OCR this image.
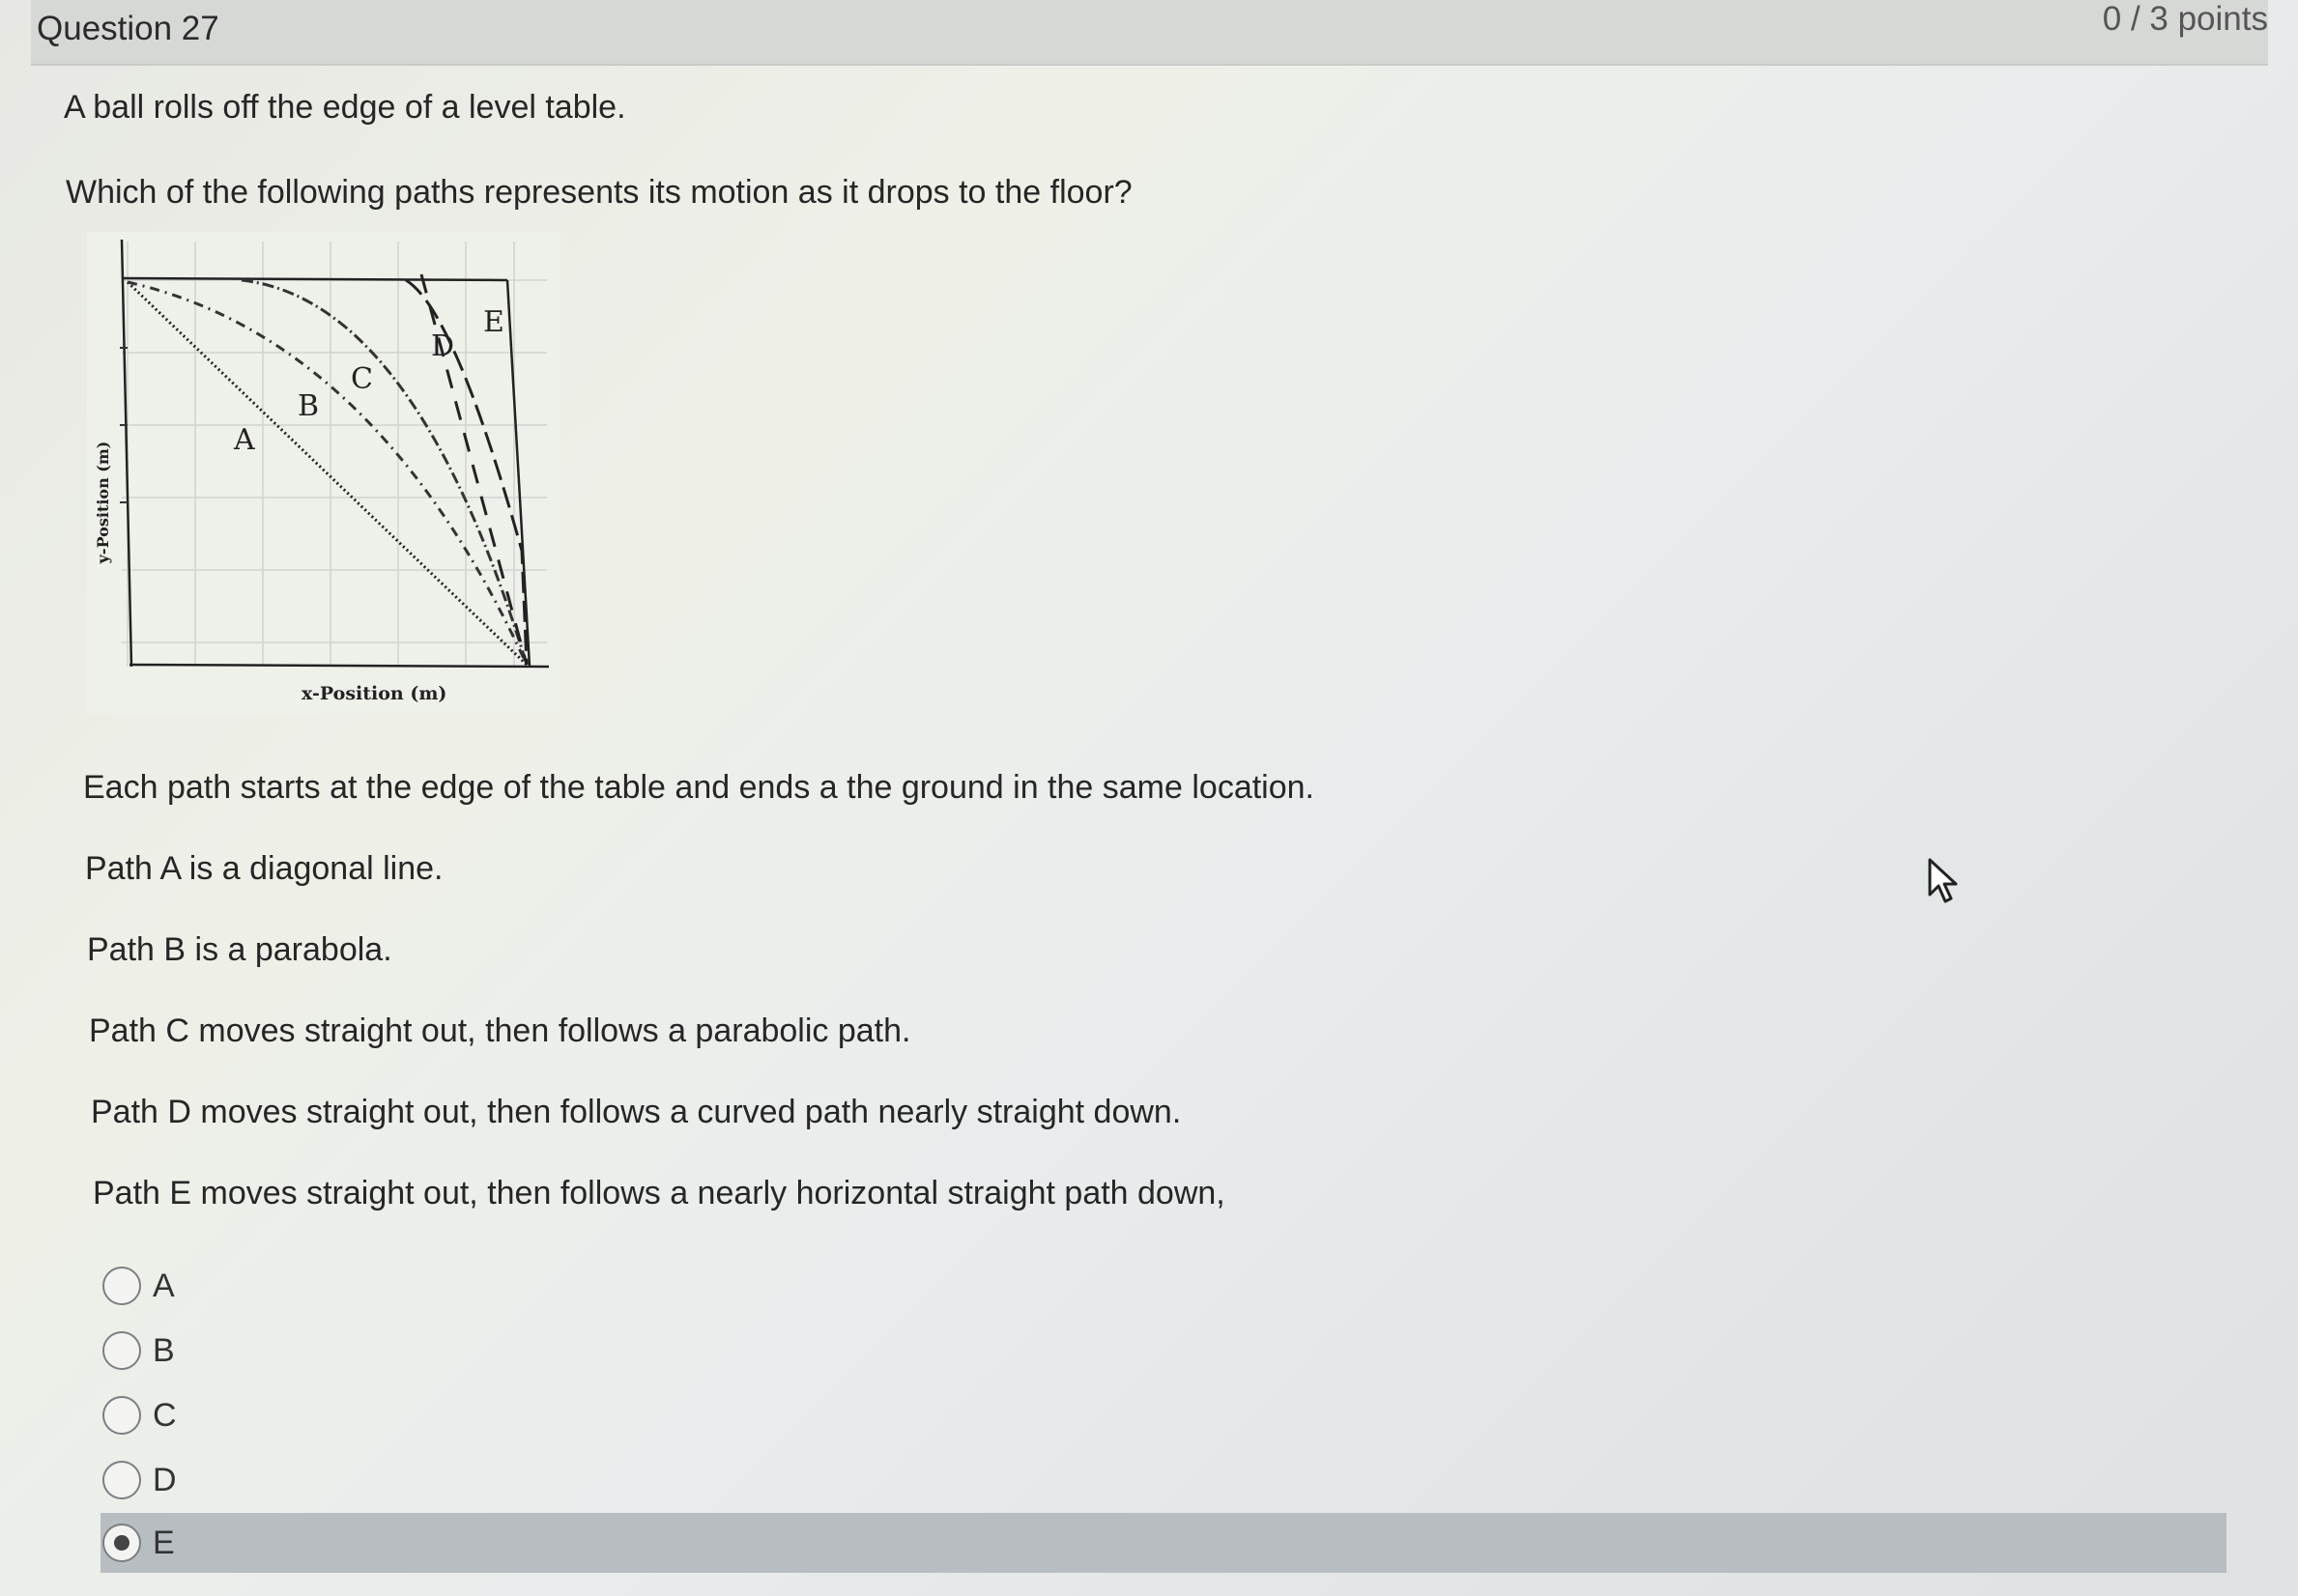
Question 27	0 / 3 points
A ball rolls off the edge of a level table.
Which of the following paths represents its motion as it drops to the floor?
A
B
C
D
E
x-Position (m)
y-Position (m)
Each path starts at the edge of the table and ends a the ground in the same location.
Path A is a diagonal line.
Path B is a parabola.
Path C moves straight out, then follows a parabolic path.
Path D moves straight out, then follows a curved path nearly straight down.
Path E moves straight out, then follows a nearly horizontal straight path down,
A
B
C
D
E
